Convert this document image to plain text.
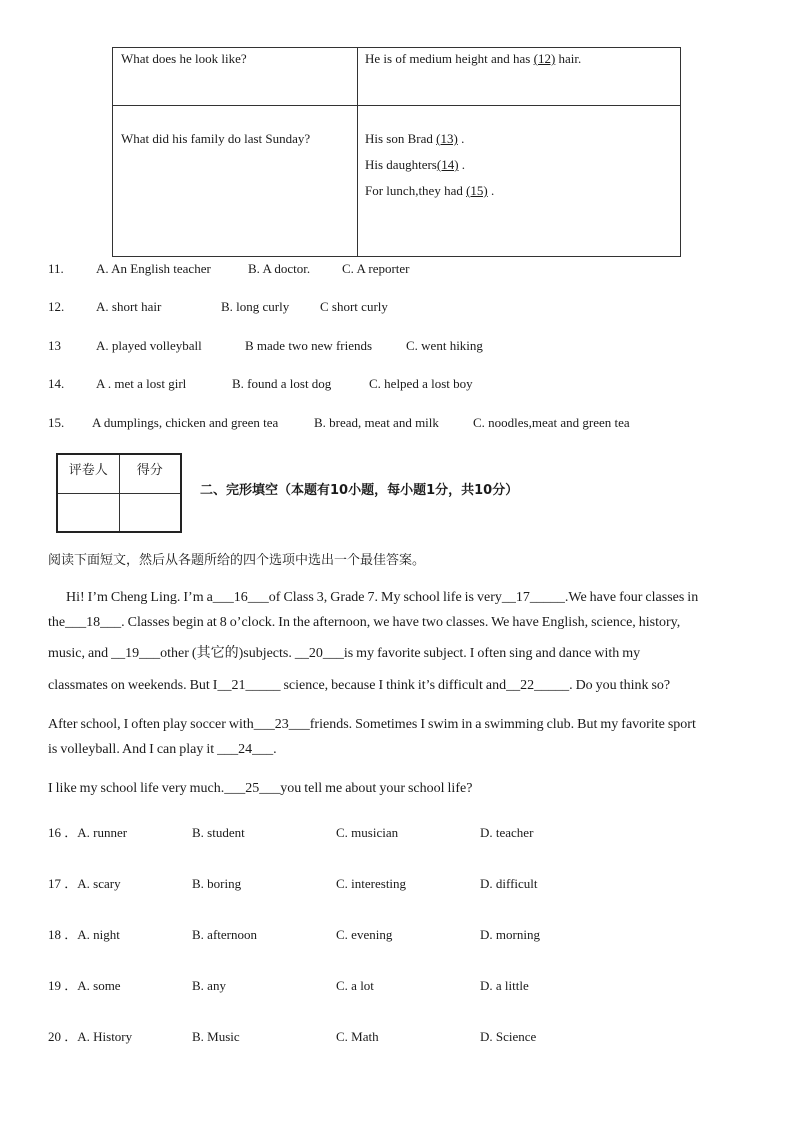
What does he look like?	He is of medium height and has (12) hair.

What did his family do last Sunday?	His son Brad (13) .
His daughters(14) .
For lunch,they had (15) .
11. A. An English teacher	B. A doctor. C. A reporter
12. A. short hair	B. long curly C short curly
13	A. played volleyball	B made two new friends	C. went hiking
14. A . met a lost girl	B. found a lost dog	C. helped a lost boy
15. A dumplings, chicken and green tea	B. bread, meat and milk	C. noodles,meat and green tea
评卷人	得分

二、完形填空（本题有10小题，每小题1分，共10分）
阅读下面短文，然后从各题所给的四个选项中选出一个最佳答案。
Hi! I’m Cheng Ling. I’m a___16___of Class 3, Grade 7. My school life is very__17_____.We have four classes in
the___18___. Classes begin at 8 o’clock. In the afternoon, we have two classes. We have English, science, history,
music, and __19___other (其它的)subjects. __20___is my favorite subject. I often sing and dance with my
classmates on weekends. But I__21_____ science, because I think it’s difficult and__22_____. Do you think so?
After school, I often play soccer with___23___friends. Sometimes I swim in a swimming club. But my favorite sport
is volleyball. And I can play it ___24___.
I like my school life very much.___25___you tell me about your school life?
16 ．A. runner	B. student	C. musician	D. teacher
17 ．A. scary	B. boring	C. interesting	D. difficult
18 ．A. night	B. afternoon	C. evening	D. morning
19 ．A. some	B. any	C. a lot	D. a little
20 ．A. History	B. Music	C. Math	D. Science
